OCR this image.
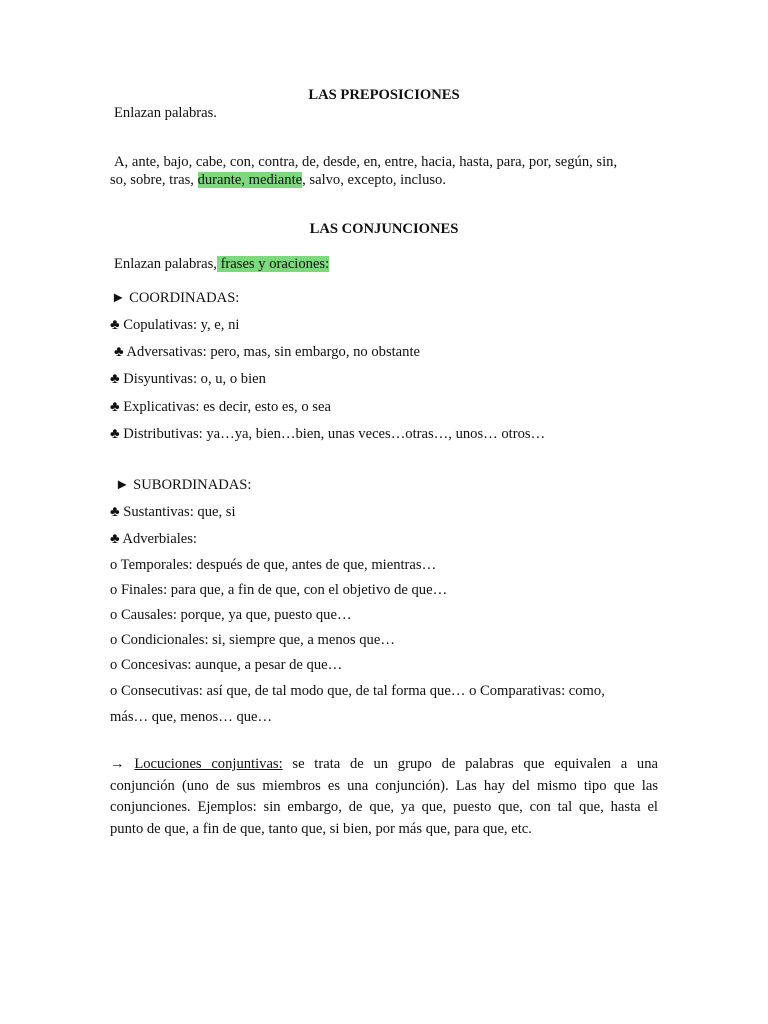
LAS PREPOSICIONES
Enlazan palabras.
A, ante, bajo, cabe, con, contra, de, desde, en, entre, hacia, hasta, para, por, según, sin,
so, sobre, tras, durante, mediante, salvo, excepto, incluso.
LAS CONJUNCIONES
Enlazan palabras, frases y oraciones:
► COORDINADAS:
♣ Copulativas: y, e, ni
♣ Adversativas: pero, mas, sin embargo, no obstante
♣ Disyuntivas: o, u, o bien
♣ Explicativas: es decir, esto es, o sea
♣ Distributivas: ya…ya, bien…bien, unas veces…otras…, unos… otros…
► SUBORDINADAS:
♣ Sustantivas: que, si
♣ Adverbiales:
o Temporales: después de que, antes de que, mientras…
o Finales: para que, a fin de que, con el objetivo de que…
o Causales: porque, ya que, puesto que…
o Condicionales: si, siempre que, a menos que…
o Concesivas: aunque, a pesar de que…
o Consecutivas: así que, de tal modo que, de tal forma que… o Comparativas: como,
más… que, menos… que…
→ Locuciones conjuntivas: se trata de un grupo de palabras que equivalen a una
conjunción (uno de sus miembros es una conjunción). Las hay del mismo tipo que las
conjunciones. Ejemplos: sin embargo, de que, ya que, puesto que, con tal que, hasta el
punto de que, a fin de que, tanto que, si bien, por más que, para que, etc.
